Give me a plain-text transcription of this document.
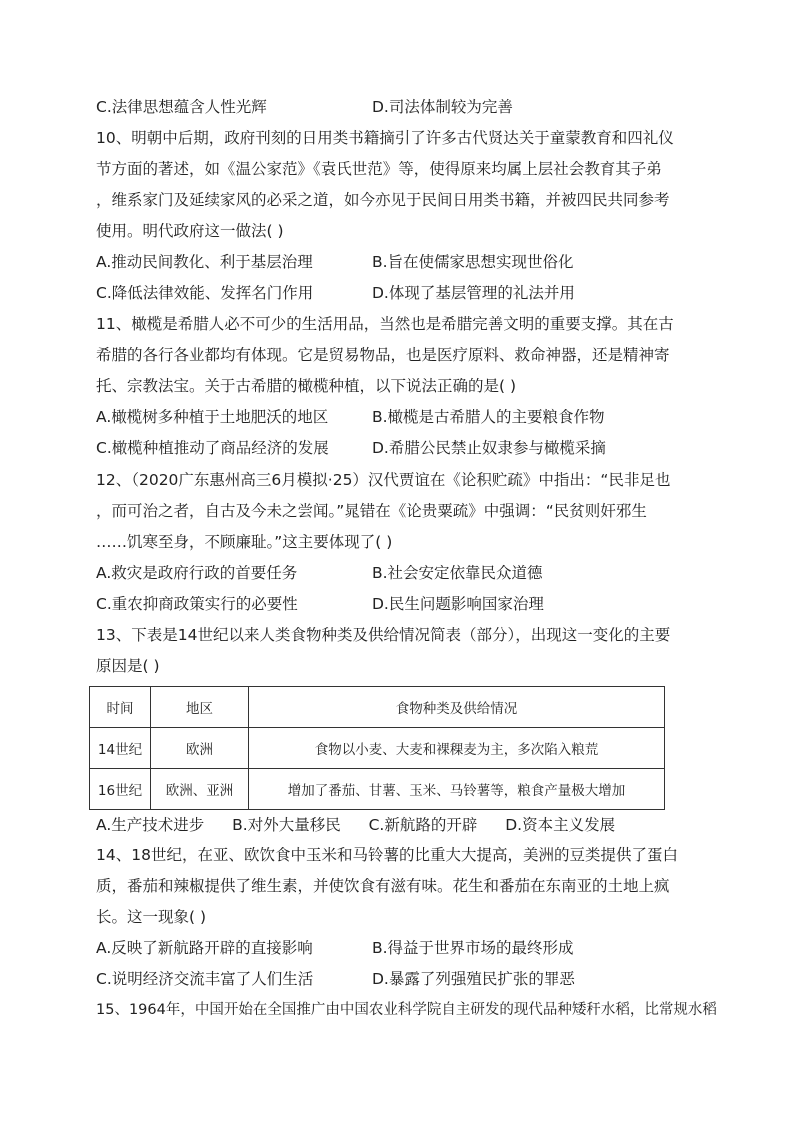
C.法律思想蕴含人性光辉	D.司法体制较为完善
10、明朝中后期，政府刊刻的日用类书籍摘引了许多古代贤达关于童蒙教育和四礼仪
节方面的著述，如《温公家范》《袁氏世范》等，使得原来均属上层社会教育其子弟
，维系家门及延续家风的必采之道，如今亦见于民间日用类书籍，并被四民共同参考
使用。明代政府这一做法( )
A.推动民间教化、利于基层治理	B.旨在使儒家思想实现世俗化
C.降低法律效能、发挥名门作用	D.体现了基层管理的礼法并用
11、橄榄是希腊人必不可少的生活用品，当然也是希腊完善文明的重要支撑。其在古
希腊的各行各业都均有体现。它是贸易物品，也是医疗原料、救命神器，还是精神寄
托、宗教法宝。关于古希腊的橄榄种植，以下说法正确的是( )
A.橄榄树多种植于土地肥沃的地区	B.橄榄是古希腊人的主要粮食作物
C.橄榄种植推动了商品经济的发展	D.希腊公民禁止奴隶参与橄榄采摘
12、（2020广东惠州高三6月模拟·25）汉代贾谊在《论积贮疏》中指出：“民非足也
，而可治之者，自古及今未之尝闻。”晁错在《论贵粟疏》中强调：“民贫则奸邪生
……饥寒至身，不顾廉耻。”这主要体现了( )
A.救灾是政府行政的首要任务	B.社会安定依靠民众道德
C.重农抑商政策实行的必要性	D.民生问题影响国家治理
13、下表是14世纪以来人类食物种类及供给情况简表（部分），出现这一变化的主要
原因是( )
时间	地区	食物种类及供给情况
14世纪	欧洲	食物以小麦、大麦和裸稞麦为主，多次陷入粮荒
16世纪	欧洲、亚洲	增加了番茄、甘薯、玉米、马铃薯等，粮食产量极大增加
A.生产技术进步 B.对外大量移民 C.新航路的开辟 D.资本主义发展
14、18世纪，在亚、欧饮食中玉米和马铃薯的比重大大提高，美洲的豆类提供了蛋白
质，番茄和辣椒提供了维生素，并使饮食有滋有味。花生和番茄在东南亚的土地上疯
长。这一现象( )
A.反映了新航路开辟的直接影响	B.得益于世界市场的最终形成
C.说明经济交流丰富了人们生活	D.暴露了列强殖民扩张的罪恶
15、1964年，中国开始在全国推广由中国农业科学院自主研发的现代品种矮秆水稻，比常规水稻
